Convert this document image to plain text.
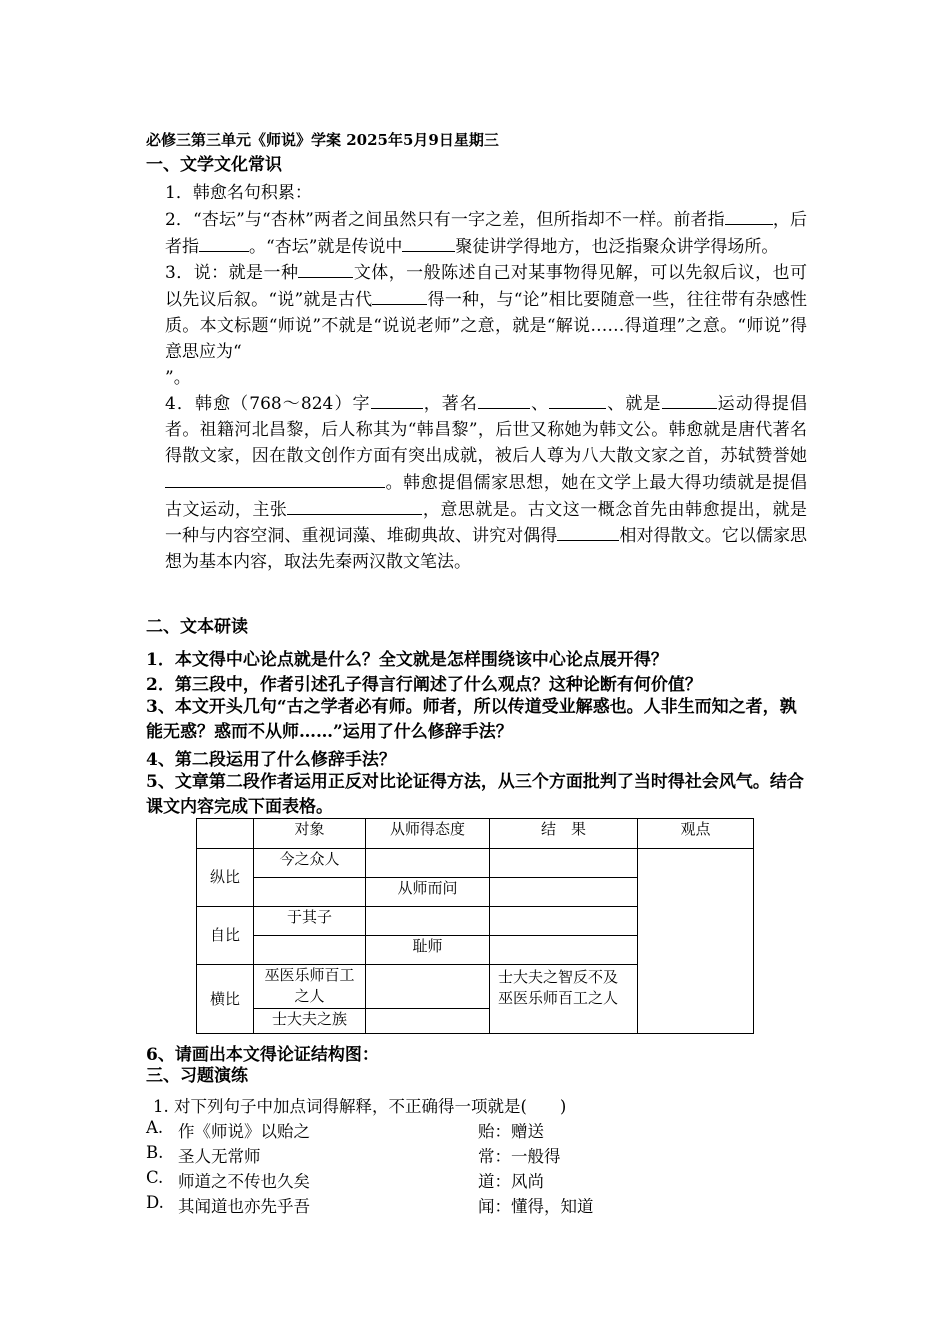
必修三第三单元《师说》学案 2025年5月9日星期三
一、文学文化常识

1．韩愈名句积累：

2．“杏坛”与“杏林”两者之间虽然只有一字之差，但所指却不一样。前者指	，后者指	。“杏坛”就是传说中	聚徒讲学得地方，也泛指聚众讲学得场所。

3．说：就是一种	文体，一般陈述自己对某事物得见解，可以先叙后议，也可以先议后叙。“说”就是古代	得一种，与“论”相比要随意一些，往往带有杂感性质。本文标题“师说”不就是“说说老师”之意，就是“解说……得道理”之意。“师说”得意思应为“
”。

4．韩愈（768～824）字	，著名	、	、就是	运动得提倡者。祖籍河北昌黎，后人称其为“韩昌黎”，后世又称她为韩文公。韩愈就是唐代著名得散文家，因在散文创作方面有突出成就，被后人尊为八大散文家之首，苏轼赞誉她。韩愈提倡儒家思想，她在文学上最大得功绩就是提倡古文运动，主张	，意思就是。古文这一概念首先由韩愈提出，就是一种与内容空洞、重视词藻、堆砌典故、讲究对偶得	相对得散文。它以儒家思想为基本内容，取法先秦两汉散文笔法。

二、文本研读
1．本文得中心论点就是什么？全文就是怎样围绕该中心论点展开得？
2．第三段中，作者引述孔子得言行阐述了什么观点？这种论断有何价值？
3、本文开头几句“古之学者必有师。师者，所以传道受业解惑也。人非生而知之者，孰能无惑？惑而不从师……”运用了什么修辞手法？
4、第二段运用了什么修辞手法？
5、文章第二段作者运用正反对比论证得方法，从三个方面批判了当时得社会风气。结合课文内容完成下面表格。
	对象	从师得态度	结　果	观点
纵比	今之众人			
		从师而问		
自比	于其子			
		耻师		
横比	巫医乐师百工之人		士大夫之智反不及巫医乐师百工之人	
	士大夫之族			
6、请画出本文得论证结构图：
三、习题演练
1. 对下列句子中加点词得解释，不正确得一项就是(　　)
A. 作《师说》以贻之	贻：赠送
B. 圣人无常师	常：一般得
C. 师道之不传也久矣	道：风尚
D. 其闻道也亦先乎吾	闻：懂得，知道
